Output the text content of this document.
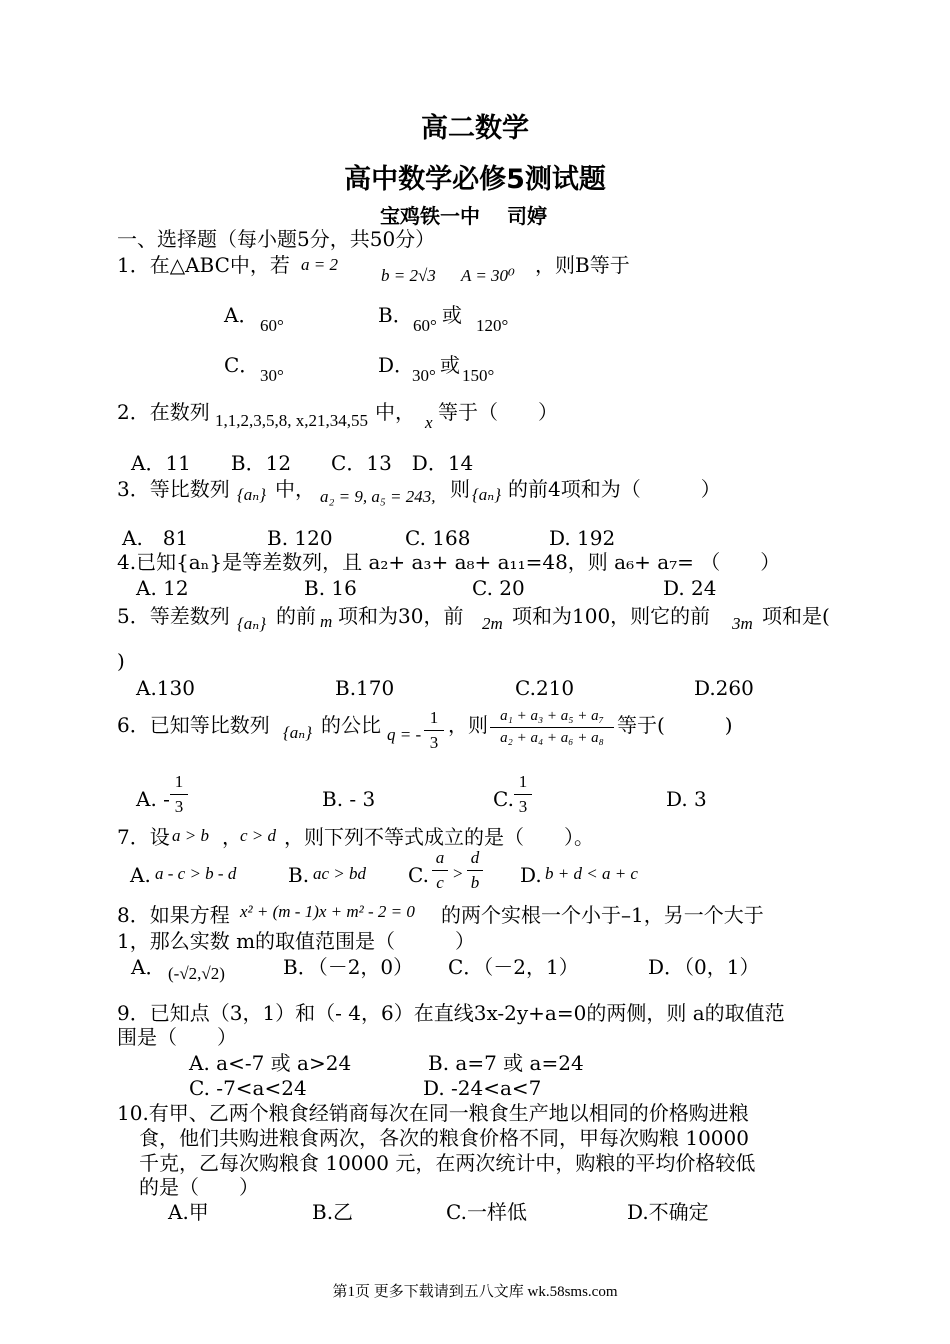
高二数学
高中数学必修5测试题
宝鸡铁一中　 司婷
一、选择题（每小题5分，共50分）
1．在△ABC中，若 a = 2
b = 2√3 A = 30⁰ ，则B等于
A． 60°	B． 60° 或 120°
C． 30°	D．
30° 或 150°
2．在数列 1,1,2,3,5,8, x,21,34,55 中， x 等于（　　）
A．11　　B．12　　C．13　D．14
3．等比数列 {aₙ} 中， a₂ = 9, a₅ = 243, 则 {aₙ} 的前4项和为（　　　）
A.　81	B. 120	C. 168	D. 192
4.已知{aₙ}是等差数列，且 a₂+ a₃+ a₈+ a₁₁=48，则 a₆+ a₇= （　　）
A. 12	B. 16	C. 20	D. 24
5．等差数列 {aₙ} 的前 m 项和为30，前 2m 项和为100，则它的前 3m 项和是(
)
A.130	B.170	C.210	D.260
6．已知等比数列 {aₙ} 的公比 q = -
1
3
，则 a₁ + a₃ + a₅ + a₇
a₂ + a₄ + a₆ + a₈
等于(　　　)
A. -
1
3	B. - 3	C.
1
3	D. 3
7．设 a > b ，
c > d ，则下列不等式成立的是（　　）。
A. a - c > b - d	B. ac > bd C.
a
c >
d
b D. b + d < a + c
8．如果方程 x² + (m - 1)x + m² - 2 = 0 的两个实根一个小于–1，另一个大于
1，那么实数 m的取值范围是（　　　）
A． (-√2,√2)	B．（－2，0） C．（－2，1）	D．（0，1）
9．已知点（3，1）和（- 4，6）在直线3x-2y+a=0的两侧，则 a的取值范
围是（　　）
A. a<-7 或 a>24	B. a=7 或 a=24
C. -7<a<24	D. -24<a<7
10.有甲、乙两个粮食经销商每次在同一粮食生产地以相同的价格购进粮
食，他们共购进粮食两次，各次的粮食价格不同，甲每次购粮 10000
千克，乙每次购粮食 10000 元，在两次统计中，购粮的平均价格较低
的是（　　）
A.甲	B.乙	C.一样低	D.不确定
第1页 更多下载请到五八文库 wk.58sms.com
